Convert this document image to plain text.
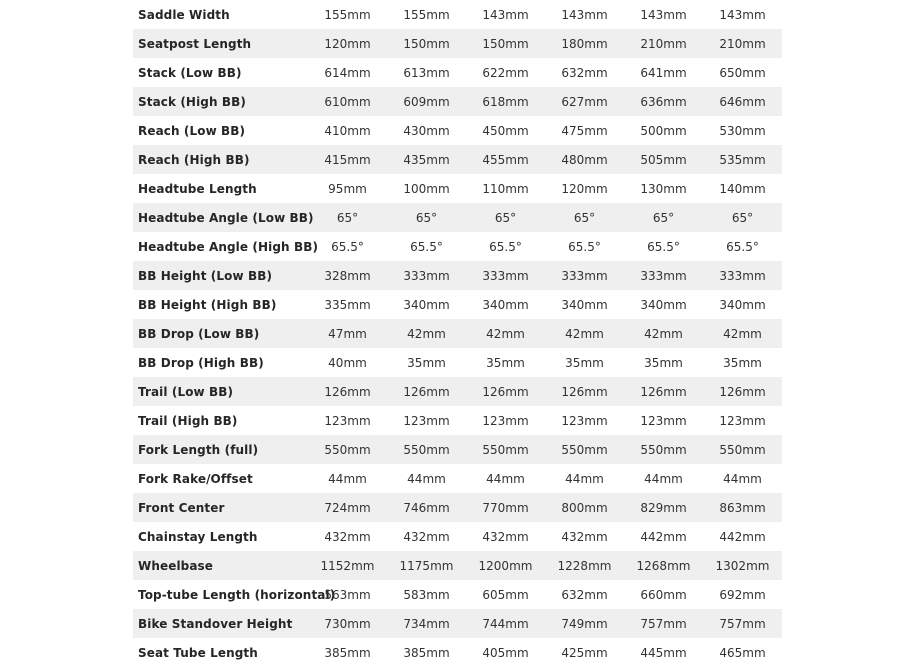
Saddle Width	155mm	155mm	143mm	143mm	143mm	143mm
Seatpost Length	120mm	150mm	150mm	180mm	210mm	210mm
Stack (Low BB)	614mm	613mm	622mm	632mm	641mm	650mm
Stack (High BB)	610mm	609mm	618mm	627mm	636mm	646mm
Reach (Low BB)	410mm	430mm	450mm	475mm	500mm	530mm
Reach (High BB)	415mm	435mm	455mm	480mm	505mm	535mm
Headtube Length	95mm	100mm	110mm	120mm	130mm	140mm
Headtube Angle (Low BB)	65°	65°	65°	65°	65°	65°
Headtube Angle (High BB)	65.5°	65.5°	65.5°	65.5°	65.5°	65.5°
BB Height (Low BB)	328mm	333mm	333mm	333mm	333mm	333mm
BB Height (High BB)	335mm	340mm	340mm	340mm	340mm	340mm
BB Drop (Low BB)	47mm	42mm	42mm	42mm	42mm	42mm
BB Drop (High BB)	40mm	35mm	35mm	35mm	35mm	35mm
Trail (Low BB)	126mm	126mm	126mm	126mm	126mm	126mm
Trail (High BB)	123mm	123mm	123mm	123mm	123mm	123mm
Fork Length (full)	550mm	550mm	550mm	550mm	550mm	550mm
Fork Rake/Offset	44mm	44mm	44mm	44mm	44mm	44mm
Front Center	724mm	746mm	770mm	800mm	829mm	863mm
Chainstay Length	432mm	432mm	432mm	432mm	442mm	442mm
Wheelbase	1152mm	1175mm	1200mm	1228mm	1268mm	1302mm
Top-tube Length (horizontal)	563mm	583mm	605mm	632mm	660mm	692mm
Bike Standover Height	730mm	734mm	744mm	749mm	757mm	757mm
Seat Tube Length	385mm	385mm	405mm	425mm	445mm	465mm
